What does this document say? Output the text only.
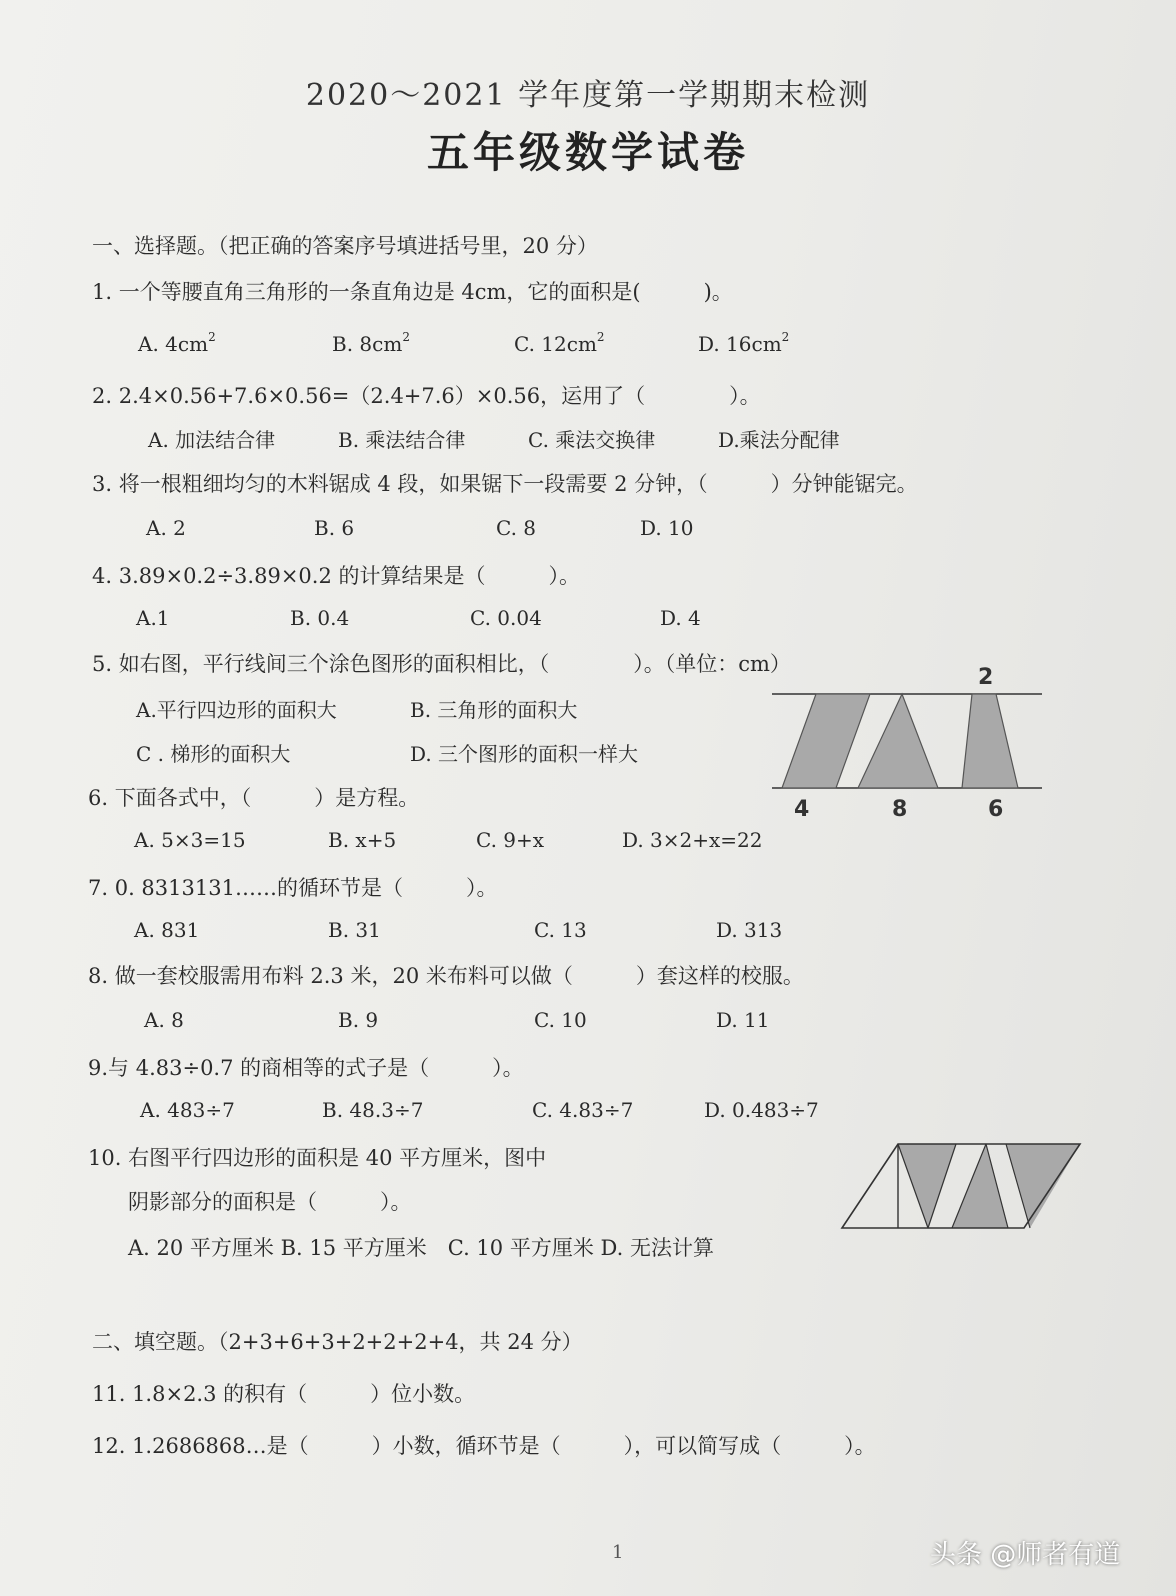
2020～2021 学年度第一学期期末检测
五年级数学试卷
一、选择题。（把正确的答案序号填进括号里，20 分）
1. 一个等腰直角三角形的一条直角边是 4cm，它的面积是(　　　)。
A. $4cm^2$	B. $8cm^2$	C. $12cm^2$	D. $16cm^2$
2. 2.4×0.56+7.6×0.56=（2.4+7.6）×0.56，运用了（　　　　）。
A. 加法结合律	B. 乘法结合律	C. 乘法交换律	D.乘法分配律
3. 将一根粗细均匀的木料锯成 4 段，如果锯下一段需要 2 分钟，（　　　）分钟能锯完。
A. 2	B. 6	C. 8	D. 10
4. 3.89×0.2÷3.89×0.2 的计算结果是（　　　）。
A.1	B. 0.4	C. 0.04	D. 4
5. 如右图，平行线间三个涂色图形的面积相比，（　　　　）。（单位：cm）
A.平行四边形的面积大	B. 三角形的面积大
C . 梯形的面积大	D. 三个图形的面积一样大
2
4	8	6
6. 下面各式中，（　　　）是方程。
A. 5×3=15	B. x+5	C. 9+x	D. 3×2+x=22
7. 0. 8313131……的循环节是（　　　）。
A. 831	B. 31	C. 13	D. 313
8. 做一套校服需用布料 2.3 米，20 米布料可以做（　　　）套这样的校服。
A. 8	B. 9	C. 10	D. 11
9.与 4.83÷0.7 的商相等的式子是（　　　）。
A. 483÷7	B. 48.3÷7	C. 4.83÷7	D. 0.483÷7
10. 右图平行四边形的面积是 40 平方厘米，图中
阴影部分的面积是（　　　）。
A. 20 平方厘米 B. 15 平方厘米　C. 10 平方厘米 D. 无法计算
二、填空题。（2+3+6+3+2+2+2+4，共 24 分）
11. 1.8×2.3 的积有（　　　）位小数。
12. 1.2686868…是（　　　）小数，循环节是（　　　），可以简写成（　　　）。
1	头条 @师者有道
